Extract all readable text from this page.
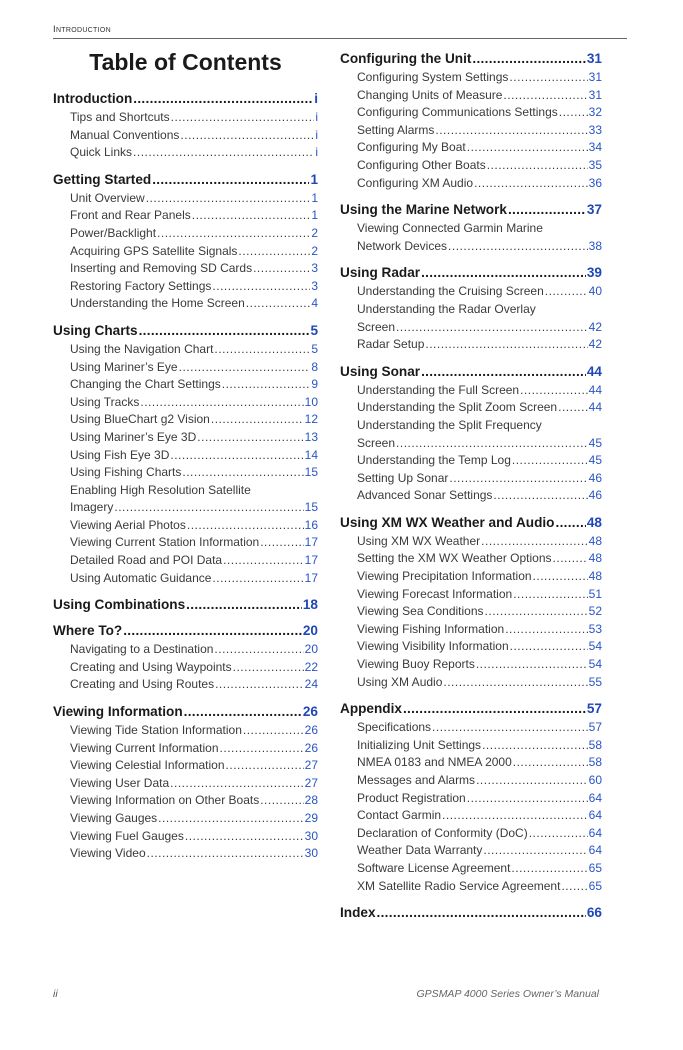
Introduction
Table of Contents
Introduction .....	i
Tips and Shortcuts .....	i
Manual Conventions .....	i
Quick Links .....	i
Getting Started .....	1
Unit Overview .....	1
Front and Rear Panels .....	1
Power/Backlight .....	2
Acquiring GPS Satellite Signals .....	2
Inserting and Removing SD Cards .....	3
Restoring Factory Settings .....	3
Understanding the Home Screen .....	4
Using Charts .....	5
Using the Navigation Chart .....	5
Using Mariner’s Eye .....	8
Changing the Chart Settings .....	9
Using Tracks .....	10
Using BlueChart g2 Vision .....	12
Using Mariner’s Eye 3D .....	13
Using Fish Eye 3D .....	14
Using Fishing Charts .....	15
Enabling High Resolution Satellite
Imagery .....	15
Viewing Aerial Photos .....	16
Viewing Current Station Information .....	17
Detailed Road and POI Data .....	17
Using Automatic Guidance .....	17
Using Combinations .....	18
Where To? .....	20
Navigating to a Destination .....	20
Creating and Using Waypoints .....	22
Creating and Using Routes .....	24
Viewing Information .....	26
Viewing Tide Station Information .....	26
Viewing Current Information .....	26
Viewing Celestial Information .....	27
Viewing User Data .....	27
Viewing Information on Other Boats .....	28
Viewing Gauges .....	29
Viewing Fuel Gauges .....	30
Viewing Video .....	30
Configuring the Unit .....	31
Configuring System Settings .....	31
Changing Units of Measure .....	31
Configuring Communications Settings .....	32
Setting Alarms .....	33
Configuring My Boat .....	34
Configuring Other Boats .....	35
Configuring XM Audio .....	36
Using the Marine Network .....	37
Viewing Connected Garmin Marine
Network Devices .....	38
Using Radar .....	39
Understanding the Cruising Screen .....	40
Understanding the Radar Overlay
Screen .....	42
Radar Setup .....	42
Using Sonar .....	44
Understanding the Full Screen .....	44
Understanding the Split Zoom Screen .....	44
Understanding the Split Frequency
Screen .....	45
Understanding the Temp Log .....	45
Setting Up Sonar .....	46
Advanced Sonar Settings .....	46
Using XM WX Weather and Audio ..... 48
Using XM WX Weather .....	48
Setting the XM WX Weather Options .....	48
Viewing Precipitation Information .....	48
Viewing Forecast Information .....	51
Viewing Sea Conditions .....	52
Viewing Fishing Information .....	53
Viewing Visibility Information .....	54
Viewing Buoy Reports .....	54
Using XM Audio .....	55
Appendix .....	57
Specifications .....	57
Initializing Unit Settings .....	58
NMEA 0183 and NMEA 2000 .....	58
Messages and Alarms .....	60
Product Registration .....	64
Contact Garmin .....	64
Declaration of Conformity (DoC) .....	64
Weather Data Warranty .....	64
Software License Agreement .....	65
XM Satellite Radio Service Agreement ..... 65
Index .....	66
ii	GPSMAP 4000 Series Owner’s Manual
